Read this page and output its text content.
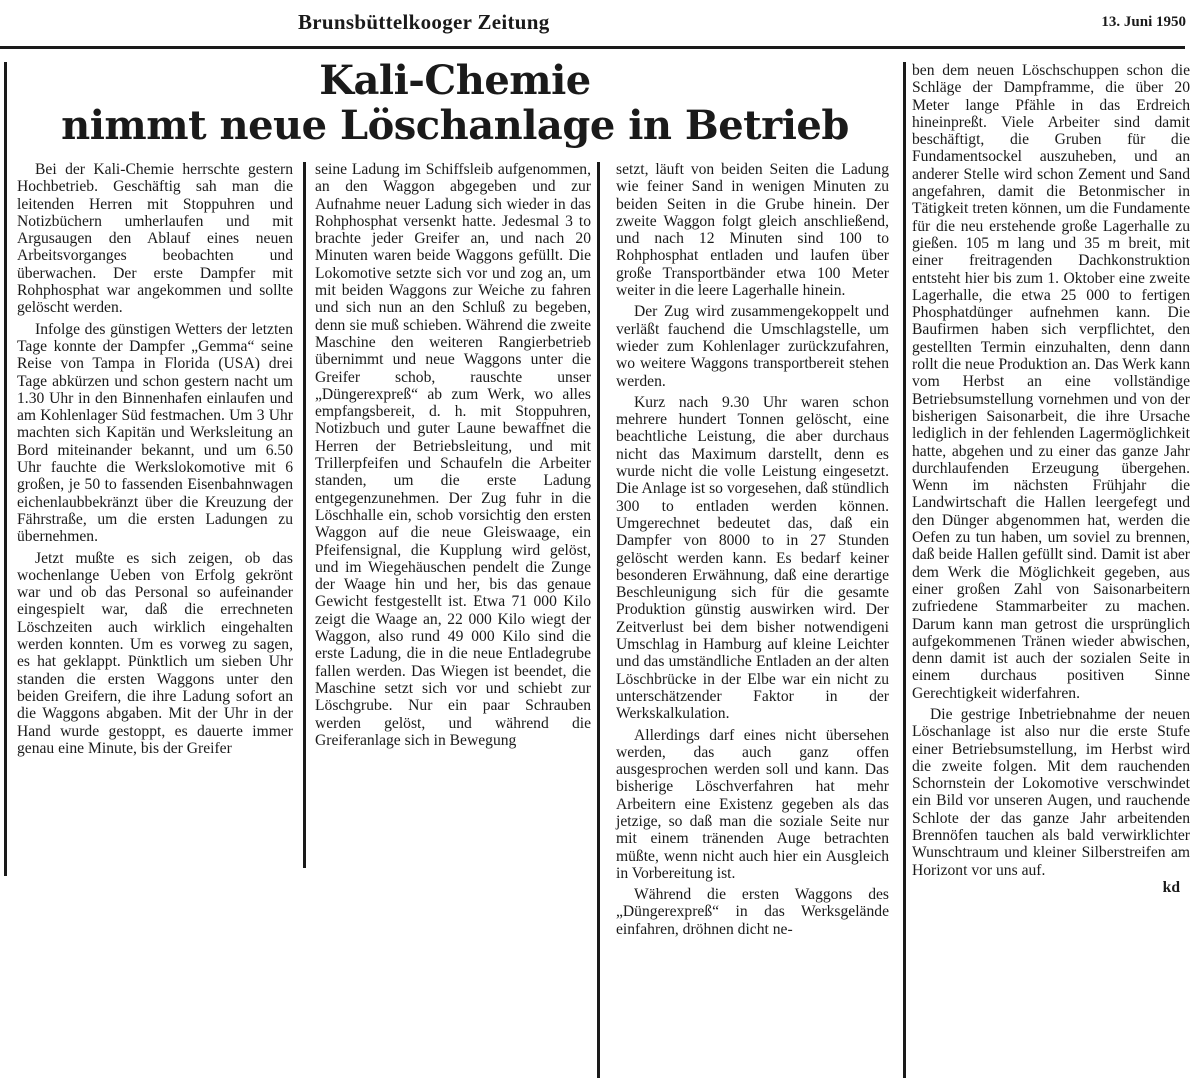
Brunsbüttelkooger Zeitung	13. Juni 1950
Kali-Chemie
nimmt neue Löschanlage in Betrieb

Bei der Kali-Chemie herrschte gestern Hochbetrieb. Geschäftig sah man die leitenden Herren mit Stoppuhren und Notizbüchern umherlaufen und mit Argusaugen den Ablauf eines neuen Arbeitsvorganges beobachten und überwachen. Der erste Dampfer mit Rohphosphat war angekommen und sollte gelöscht werden.

Infolge des günstigen Wetters der letzten Tage konnte der Dampfer „Gemma“ seine Reise von Tampa in Florida (USA) drei Tage abkürzen und schon gestern nacht um 1.30 Uhr in den Binnenhafen einlaufen und am Kohlenlager Süd festmachen. Um 3 Uhr machten sich Kapitän und Werksleitung an Bord miteinander bekannt, und um 6.50 Uhr fauchte die Werkslokomotive mit 6 großen, je 50 to fassenden Eisenbahnwagen eichenlaubbekränzt über die Kreuzung der Fährstraße, um die ersten Ladungen zu übernehmen.

Jetzt mußte es sich zeigen, ob das wochenlange Ueben von Erfolg gekrönt war und ob das Personal so aufeinander eingespielt war, daß die errechneten Löschzeiten auch wirklich eingehalten werden konnten. Um es vorweg zu sagen, es hat geklappt. Pünktlich um sieben Uhr standen die ersten Waggons unter den beiden Greifern, die ihre Ladung sofort an die Waggons abgaben. Mit der Uhr in der Hand wurde gestoppt, es dauerte immer genau eine Minute, bis der Greifer

seine Ladung im Schiffsleib aufgenommen, an den Waggon abgegeben und zur Aufnahme neuer Ladung sich wieder in das Rohphosphat versenkt hatte. Jedesmal 3 to brachte jeder Greifer an, und nach 20 Minuten waren beide Waggons gefüllt. Die Lokomotive setzte sich vor und zog an, um mit beiden Waggons zur Weiche zu fahren und sich nun an den Schluß zu begeben, denn sie muß schieben. Während die zweite Maschine den weiteren Rangierbetrieb übernimmt und neue Waggons unter die Greifer schob, rauschte unser „Düngerexpreß“ ab zum Werk, wo alles empfangsbereit, d. h. mit Stoppuhren, Notizbuch und guter Laune bewaffnet die Herren der Betriebsleitung, und mit Trillerpfeifen und Schaufeln die Arbeiter standen, um die erste Ladung entgegenzunehmen. Der Zug fuhr in die Löschhalle ein, schob vorsichtig den ersten Waggon auf die neue Gleiswaage, ein Pfeifensignal, die Kupplung wird gelöst, und im Wiegehäuschen pendelt die Zunge der Waage hin und her, bis das genaue Gewicht festgestellt ist. Etwa 71 000 Kilo zeigt die Waage an, 22 000 Kilo wiegt der Waggon, also rund 49 000 Kilo sind die erste Ladung, die in die neue Entladegrube fallen werden. Das Wiegen ist beendet, die Maschine setzt sich vor und schiebt zur Löschgrube. Nur ein paar Schrauben werden gelöst, und während die Greiferanlage sich in Bewegung

setzt, läuft von beiden Seiten die Ladung wie feiner Sand in wenigen Minuten zu beiden Seiten in die Grube hinein. Der zweite Waggon folgt gleich anschließend, und nach 12 Minuten sind 100 to Rohphosphat entladen und laufen über große Transportbänder etwa 100 Meter weiter in die leere Lagerhalle hinein.

Der Zug wird zusammengekoppelt und verläßt fauchend die Umschlagstelle, um wieder zum Kohlenlager zurückzufahren, wo weitere Waggons transportbereit stehen werden.

Kurz nach 9.30 Uhr waren schon mehrere hundert Tonnen gelöscht, eine beachtliche Leistung, die aber durchaus nicht das Maximum darstellt, denn es wurde nicht die volle Leistung eingesetzt. Die Anlage ist so vorgesehen, daß stündlich 300 to entladen werden können. Umgerechnet bedeutet das, daß ein Dampfer von 8000 to in 27 Stunden gelöscht werden kann. Es bedarf keiner besonderen Erwähnung, daß eine derartige Beschleunigung sich für die gesamte Produktion günstig auswirken wird. Der Zeitverlust bei dem bisher notwendigeni Umschlag in Hamburg auf kleine Leichter und das umständliche Entladen an der alten Löschbrücke in der Elbe war ein nicht zu unterschätzender Faktor in der Werkskalkulation.

Allerdings darf eines nicht übersehen werden, das auch ganz offen ausgesprochen werden soll und kann. Das bisherige Löschverfahren hat mehr Arbeitern eine Existenz gegeben als das jetzige, so daß man die soziale Seite nur mit einem tränenden Auge betrachten müßte, wenn nicht auch hier ein Ausgleich in Vorbereitung ist.

Während die ersten Waggons des „Düngerexpreß“ in das Werksgelände einfahren, dröhnen dicht ne-

ben dem neuen Löschschuppen schon die Schläge der Dampframme, die über 20 Meter lange Pfähle in das Erdreich hineinpreßt. Viele Arbeiter sind damit beschäftigt, die Gruben für die Fundamentsockel auszuheben, und an anderer Stelle wird schon Zement und Sand angefahren, damit die Betonmischer in Tätigkeit treten können, um die Fundamente für die neu erstehende große Lagerhalle zu gießen. 105 m lang und 35 m breit, mit einer freitragenden Dachkonstruktion entsteht hier bis zum 1. Oktober eine zweite Lagerhalle, die etwa 25 000 to fertigen Phosphatdünger aufnehmen kann. Die Baufirmen haben sich verpflichtet, den gestellten Termin einzuhalten, denn dann rollt die neue Produktion an. Das Werk kann vom Herbst an eine vollständige Betriebsumstellung vornehmen und von der bisherigen Saisonarbeit, die ihre Ursache lediglich in der fehlenden Lagermöglichkeit hatte, abgehen und zu einer das ganze Jahr durchlaufenden Erzeugung übergehen. Wenn im nächsten Frühjahr die Landwirtschaft die Hallen leergefegt und den Dünger abgenommen hat, werden die Oefen zu tun haben, um soviel zu brennen, daß beide Hallen gefüllt sind. Damit ist aber dem Werk die Möglichkeit gegeben, aus einer großen Zahl von Saisonarbeitern zufriedene Stammarbeiter zu machen. Darum kann man getrost die ursprünglich aufgekommenen Tränen wieder abwischen, denn damit ist auch der sozialen Seite in einem durchaus positiven Sinne Gerechtigkeit widerfahren.

Die gestrige Inbetriebnahme der neuen Löschanlage ist also nur die erste Stufe einer Betriebsumstellung, im Herbst wird die zweite folgen. Mit dem rauchenden Schornstein der Lokomotive verschwindet ein Bild vor unseren Augen, und rauchende Schlote der das ganze Jahr arbeitenden Brennöfen tauchen als bald verwirklichter Wunschtraum und kleiner Silberstreifen am Horizont vor uns auf.

kd
